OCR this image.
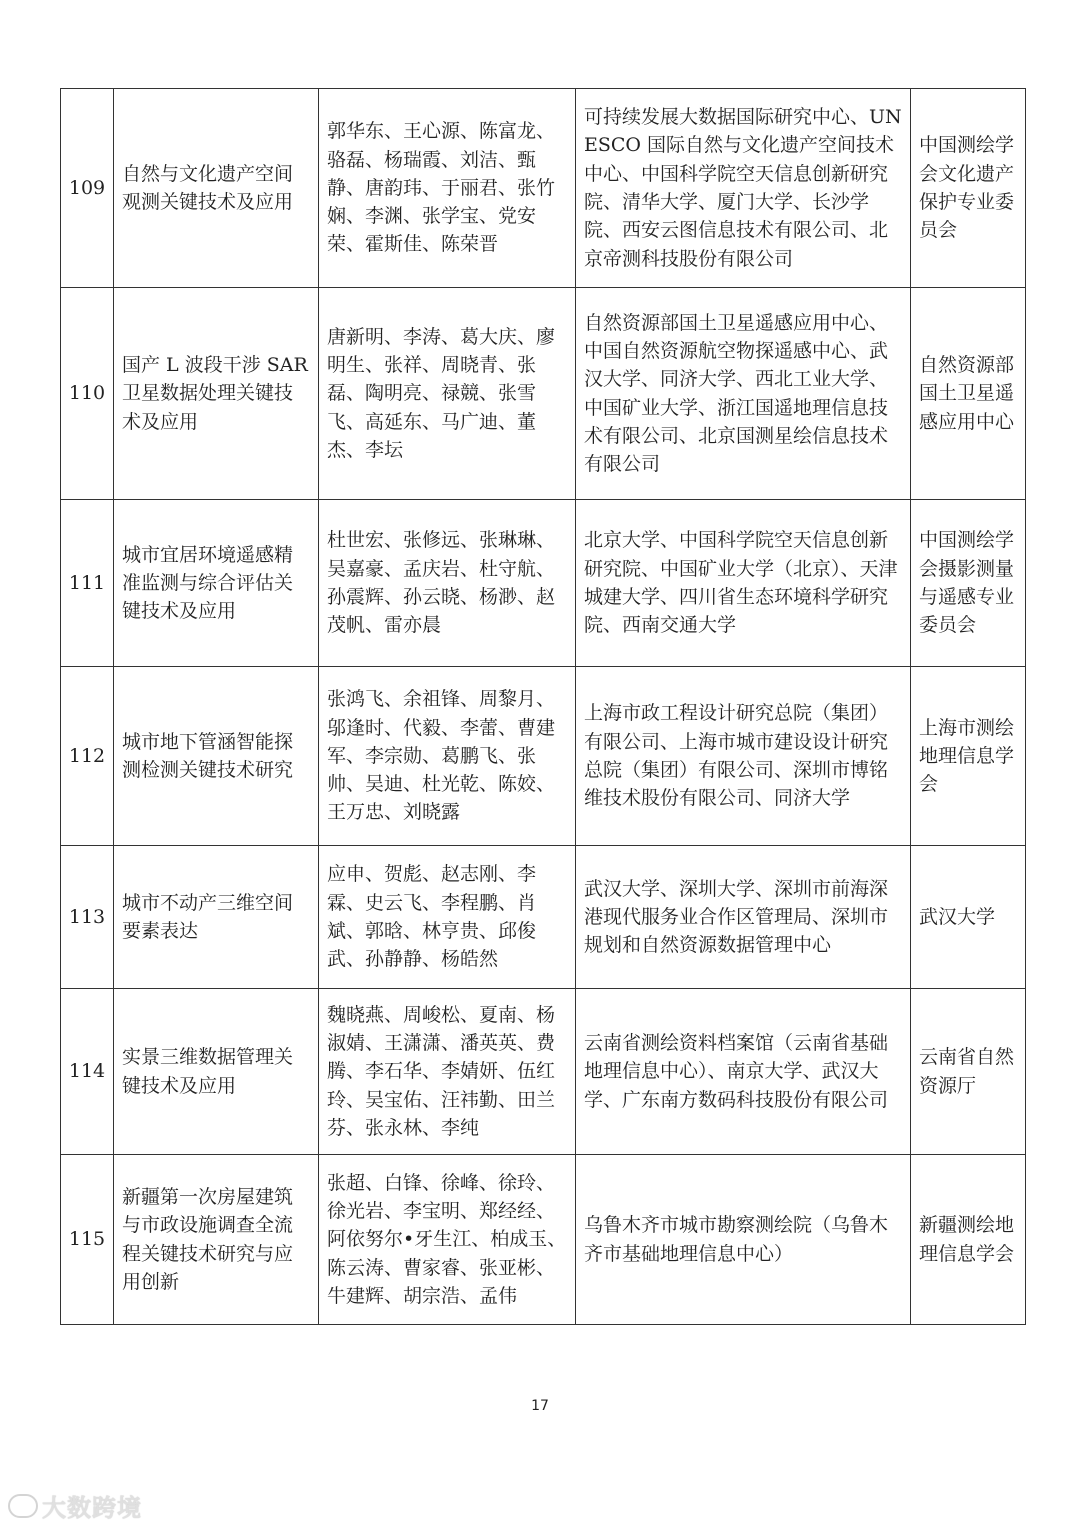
109	自然与文化遗产空间观测关键技术及应用	郭华东、王心源、陈富龙、骆磊、杨瑞霞、刘洁、甄静、唐韵玮、于丽君、张竹娴、李渊、张学宝、党安荣、霍斯佳、陈荣晋	可持续发展大数据国际研究中心、UNESCO 国际自然与文化遗产空间技术中心、中国科学院空天信息创新研究院、清华大学、厦门大学、长沙学院、西安云图信息技术有限公司、北京帝测科技股份有限公司	中国测绘学会文化遗产保护专业委员会
110	国产 L 波段干涉 SAR 卫星数据处理关键技术及应用	唐新明、李涛、葛大庆、廖明生、张祥、周晓青、张磊、陶明亮、禄競、张雪飞、高延东、马广迪、董杰、李坛	自然资源部国土卫星遥感应用中心、中国自然资源航空物探遥感中心、武汉大学、同济大学、西北工业大学、中国矿业大学、浙江国遥地理信息技术有限公司、北京国测星绘信息技术有限公司	自然资源部国土卫星遥感应用中心
111	城市宜居环境遥感精准监测与综合评估关键技术及应用	杜世宏、张修远、张琳琳、吴嘉豪、孟庆岩、杜守航、孙震辉、孙云晓、杨渺、赵茂帆、雷亦晨	北京大学、中国科学院空天信息创新研究院、中国矿业大学（北京）、天津城建大学、四川省生态环境科学研究院、西南交通大学	中国测绘学会摄影测量与遥感专业委员会
112	城市地下管涵智能探测检测关键技术研究	张鸿飞、余祖锋、周黎月、邬逢时、代毅、李蕾、曹建军、李宗勋、葛鹏飞、张帅、吴迪、杜光乾、陈姣、王万忠、刘晓露	上海市政工程设计研究总院（集团）有限公司、上海市城市建设设计研究总院（集团）有限公司、深圳市博铭维技术股份有限公司、同济大学	上海市测绘地理信息学会
113	城市不动产三维空间要素表达	应申、贺彪、赵志刚、李霖、史云飞、李程鹏、肖斌、郭晗、林亨贵、邱俊武、孙静静、杨皓然	武汉大学、深圳大学、深圳市前海深港现代服务业合作区管理局、深圳市规划和自然资源数据管理中心	武汉大学
114	实景三维数据管理关键技术及应用	魏晓燕、周峻松、夏南、杨淑婧、王潇潇、潘英英、费腾、李石华、李婧妍、伍红玲、吴宝佑、汪祎勤、田兰芬、张永林、李纯	云南省测绘资料档案馆（云南省基础地理信息中心）、南京大学、武汉大学、广东南方数码科技股份有限公司	云南省自然资源厅
115	新疆第一次房屋建筑与市政设施调查全流程关键技术研究与应用创新	张超、白锋、徐峰、徐玲、徐光岩、李宝明、郑经经、阿依努尔•牙生江、柏成玉、陈云涛、曹家睿、张亚彬、牛建辉、胡宗浩、孟伟	乌鲁木齐市城市勘察测绘院（乌鲁木齐市基础地理信息中心）	新疆测绘地理信息学会
17
大数跨境
